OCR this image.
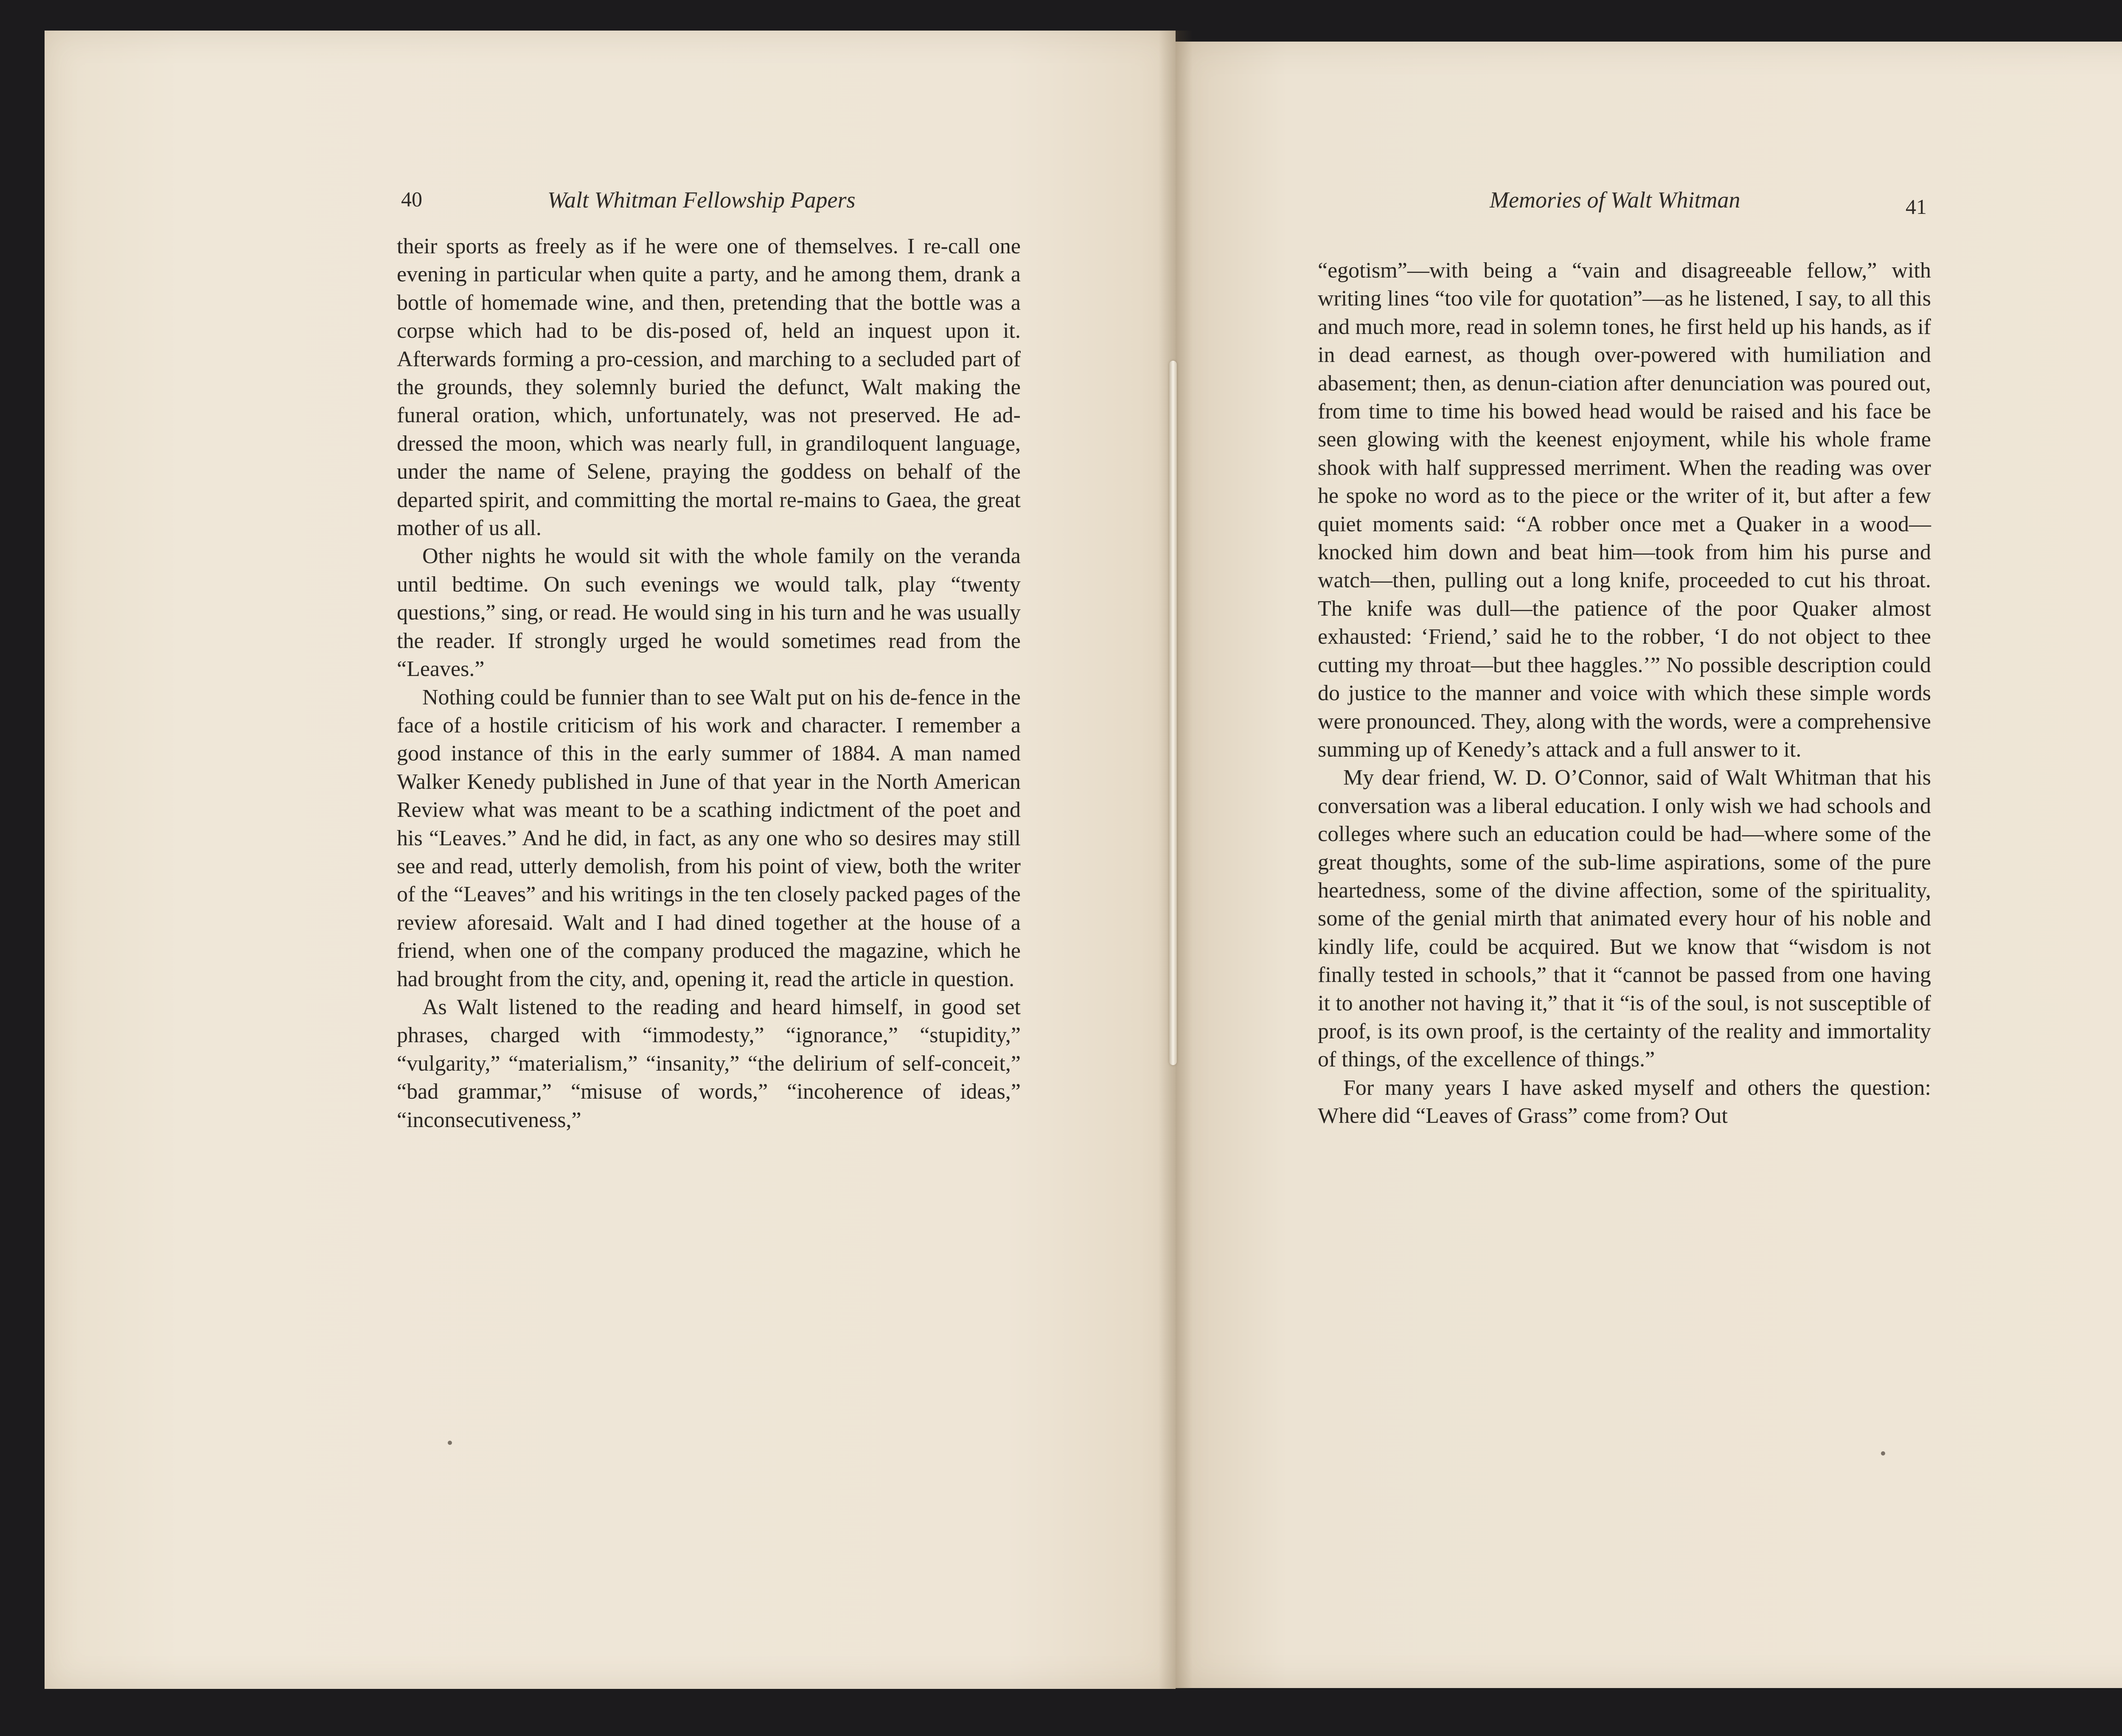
40	Walt Whitman Fellowship Papers	Memories of Walt Whitman	41

their sports as freely as if he were one of themselves. I re-call one evening in particular when quite a party, and he among them, drank a bottle of homemade wine, and then, pretending that the bottle was a corpse which had to be dis-posed of, held an inquest upon it. Afterwards forming a pro-cession, and marching to a secluded part of the grounds, they solemnly buried the defunct, Walt making the funeral oration, which, unfortunately, was not preserved. He ad-dressed the moon, which was nearly full, in grandiloquent language, under the name of Selene, praying the goddess on behalf of the departed spirit, and committing the mortal re-mains to Gaea, the great mother of us all.

Other nights he would sit with the whole family on the veranda until bedtime. On such evenings we would talk, play “twenty questions,” sing, or read. He would sing in his turn and he was usually the reader. If strongly urged he would sometimes read from the “Leaves.”

Nothing could be funnier than to see Walt put on his de-fence in the face of a hostile criticism of his work and character. I remember a good instance of this in the early summer of 1884. A man named Walker Kenedy published in June of that year in the North American Review what was meant to be a scathing indictment of the poet and his “Leaves.” And he did, in fact, as any one who so desires may still see and read, utterly demolish, from his point of view, both the writer of the “Leaves” and his writings in the ten closely packed pages of the review aforesaid. Walt and I had dined together at the house of a friend, when one of the company produced the magazine, which he had brought from the city, and, opening it, read the article in question.

As Walt listened to the reading and heard himself, in good set phrases, charged with “immodesty,” “ignorance,” “stupidity,” “vulgarity,” “materialism,” “insanity,” “the delirium of self-conceit,” “bad grammar,” “misuse of words,” “incoherence of ideas,” “inconsecutiveness,”

“egotism”—with being a “vain and disagreeable fellow,” with writing lines “too vile for quotation”—as he listened, I say, to all this and much more, read in solemn tones, he first held up his hands, as if in dead earnest, as though over-powered with humiliation and abasement; then, as denun-ciation after denunciation was poured out, from time to time his bowed head would be raised and his face be seen glowing with the keenest enjoyment, while his whole frame shook with half suppressed merriment. When the reading was over he spoke no word as to the piece or the writer of it, but after a few quiet moments said: “A robber once met a Quaker in a wood—knocked him down and beat him—took from him his purse and watch—then, pulling out a long knife, proceeded to cut his throat. The knife was dull—the patience of the poor Quaker almost exhausted: ‘Friend,’ said he to the robber, ‘I do not object to thee cutting my throat—but thee haggles.’” No possible description could do justice to the manner and voice with which these simple words were pronounced. They, along with the words, were a comprehensive summing up of Kenedy’s attack and a full answer to it.

My dear friend, W. D. O’Connor, said of Walt Whitman that his conversation was a liberal education. I only wish we had schools and colleges where such an education could be had—where some of the great thoughts, some of the sub-lime aspirations, some of the pure heartedness, some of the divine affection, some of the spirituality, some of the genial mirth that animated every hour of his noble and kindly life, could be acquired. But we know that “wisdom is not finally tested in schools,” that it “cannot be passed from one having it to another not having it,” that it “is of the soul, is not susceptible of proof, is its own proof, is the certainty of the reality and immortality of things, of the excellence of things.”

For many years I have asked myself and others the question: Where did “Leaves of Grass” come from? Out
